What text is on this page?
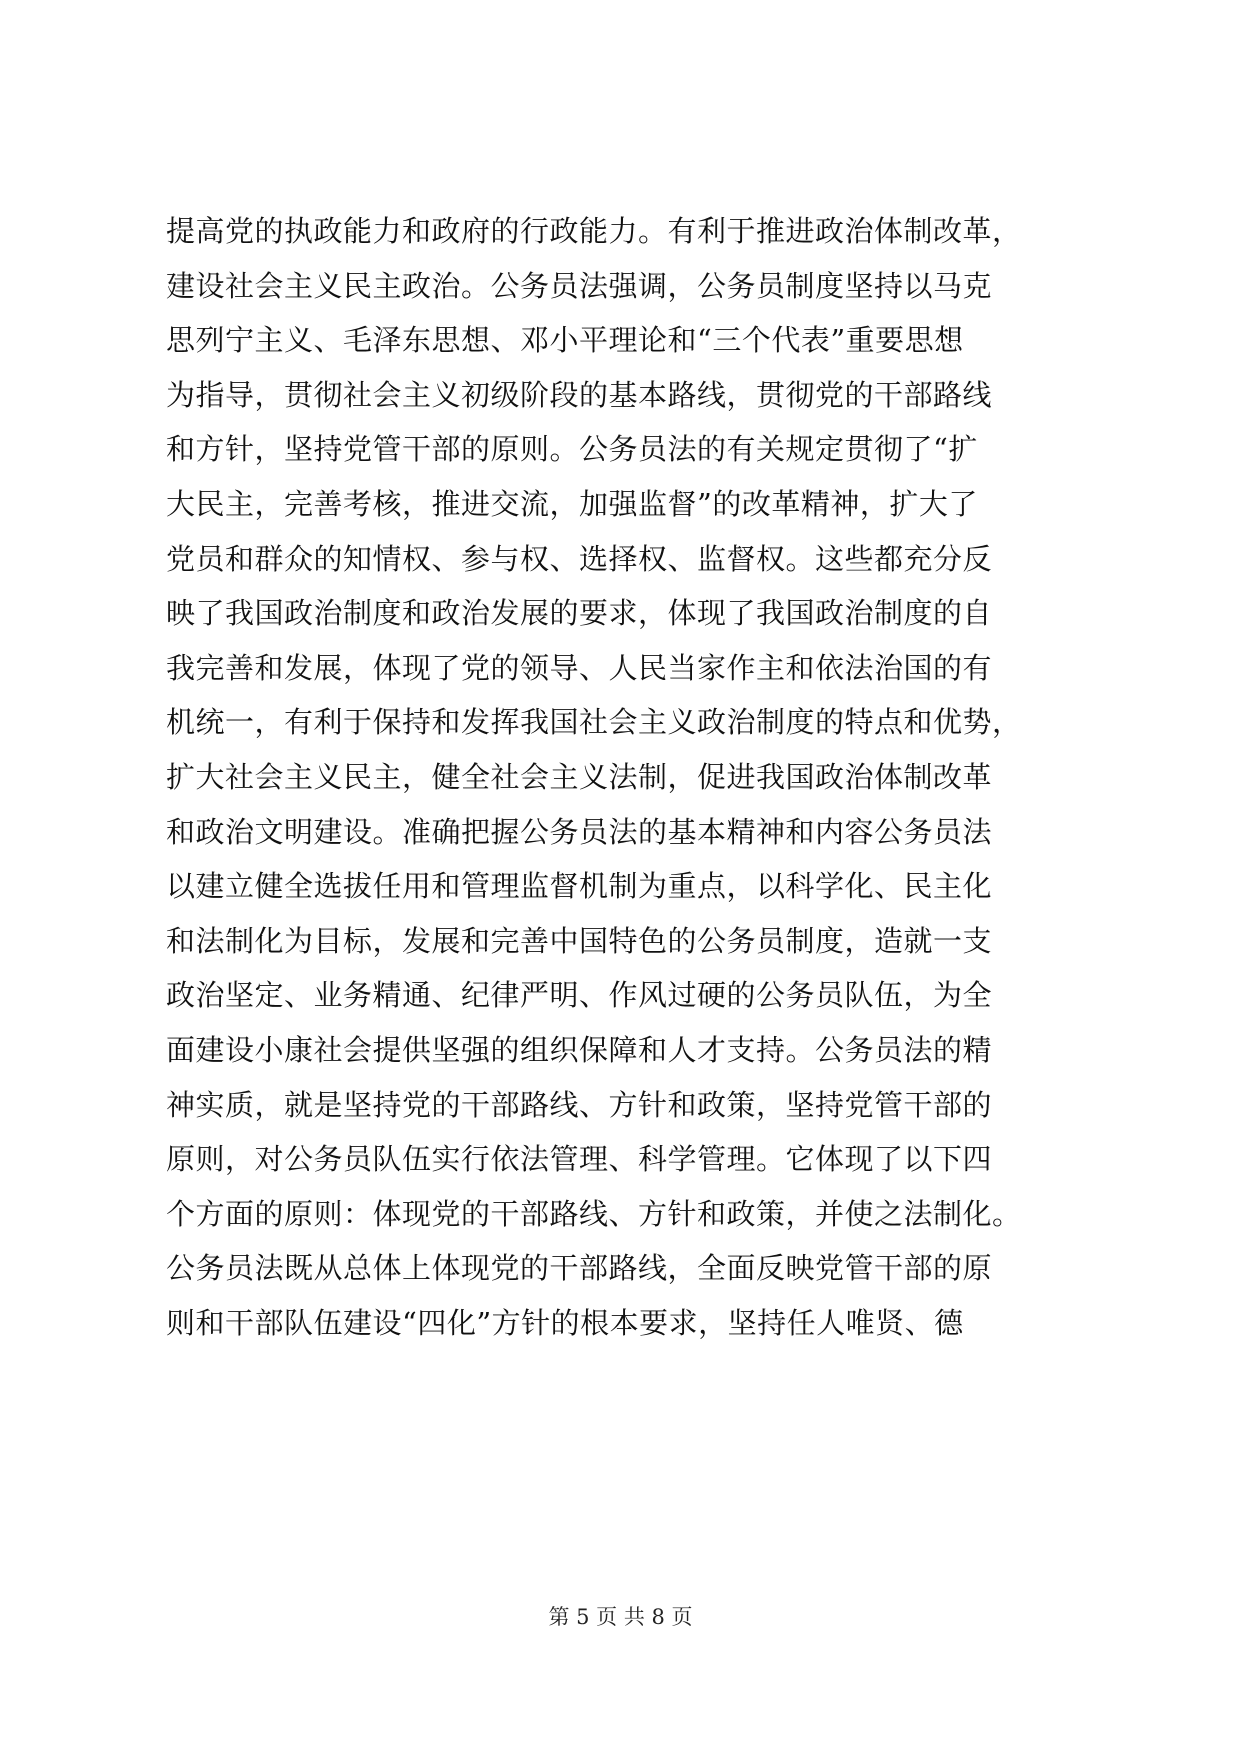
提高党的执政能力和政府的行政能力。有利于推进政治体制改革，
建设社会主义民主政治。公务员法强调，公务员制度坚持以马克
思列宁主义、毛泽东思想、邓小平理论和“三个代表”重要思想
为指导，贯彻社会主义初级阶段的基本路线，贯彻党的干部路线
和方针，坚持党管干部的原则。公务员法的有关规定贯彻了“扩
大民主，完善考核，推进交流，加强监督”的改革精神，扩大了
党员和群众的知情权、参与权、选择权、监督权。这些都充分反
映了我国政治制度和政治发展的要求，体现了我国政治制度的自
我完善和发展，体现了党的领导、人民当家作主和依法治国的有
机统一，有利于保持和发挥我国社会主义政治制度的特点和优势，
扩大社会主义民主，健全社会主义法制，促进我国政治体制改革
和政治文明建设。准确把握公务员法的基本精神和内容公务员法
以建立健全选拔任用和管理监督机制为重点，以科学化、民主化
和法制化为目标，发展和完善中国特色的公务员制度，造就一支
政治坚定、业务精通、纪律严明、作风过硬的公务员队伍，为全
面建设小康社会提供坚强的组织保障和人才支持。公务员法的精
神实质，就是坚持党的干部路线、方针和政策，坚持党管干部的
原则，对公务员队伍实行依法管理、科学管理。它体现了以下四
个方面的原则：体现党的干部路线、方针和政策，并使之法制化。
公务员法既从总体上体现党的干部路线，全面反映党管干部的原
则和干部队伍建设“四化”方针的根本要求，坚持任人唯贤、德
第 5 页 共 8 页
